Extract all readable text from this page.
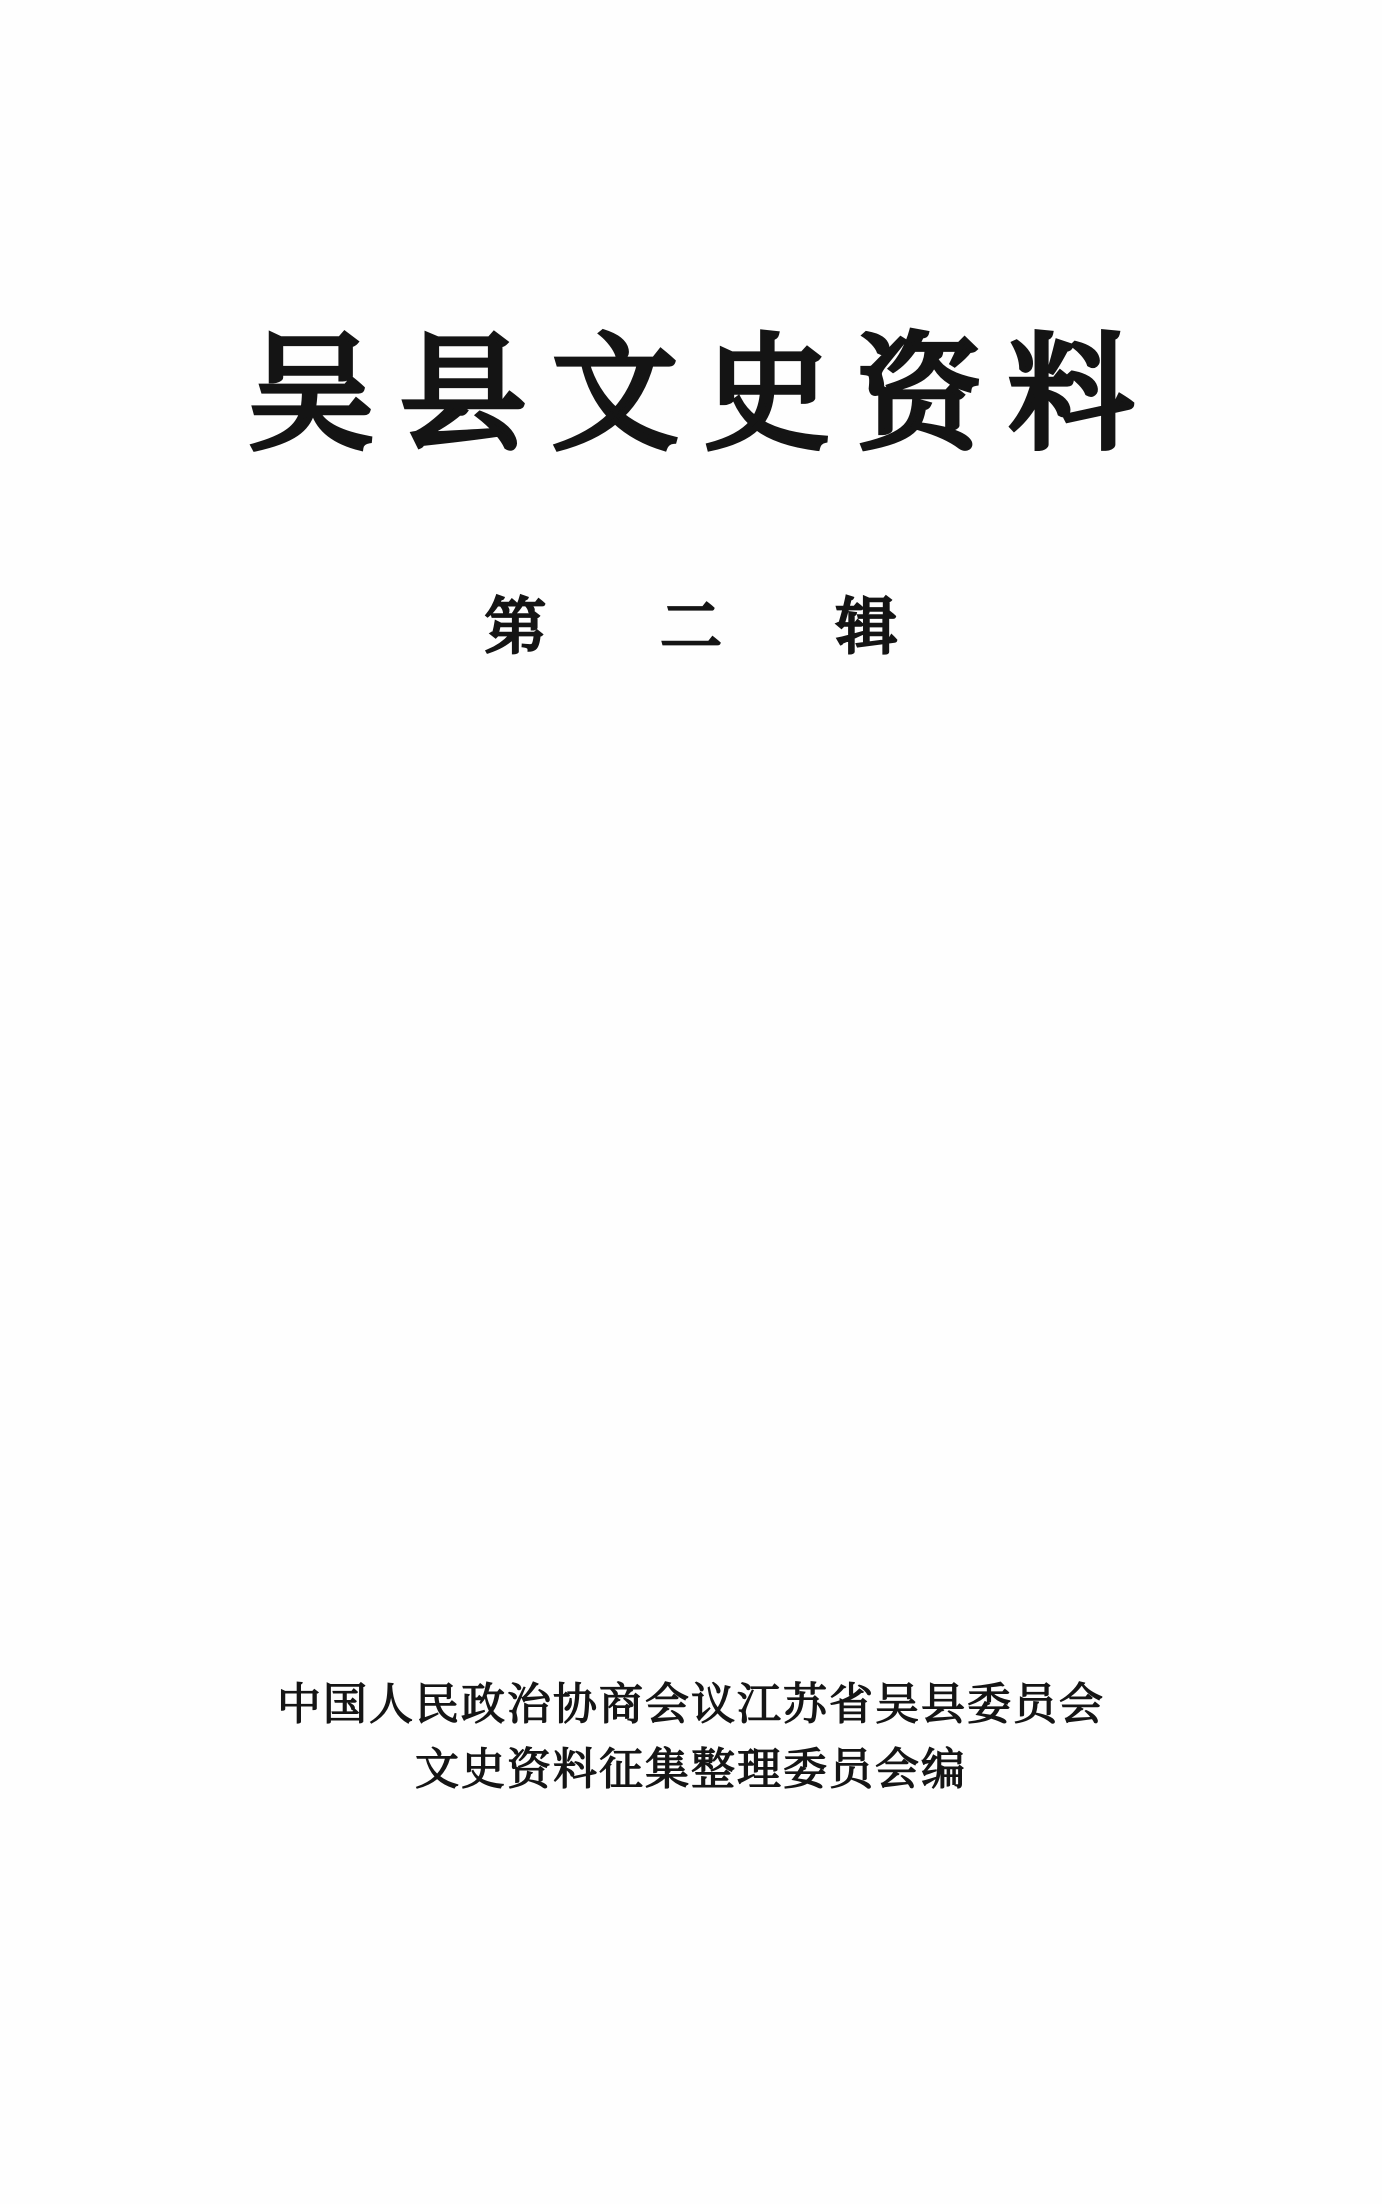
吴县文史资料
第 二 辑
中国人民政治协商会议江苏省吴县委员会
文史资料征集整理委员会编
